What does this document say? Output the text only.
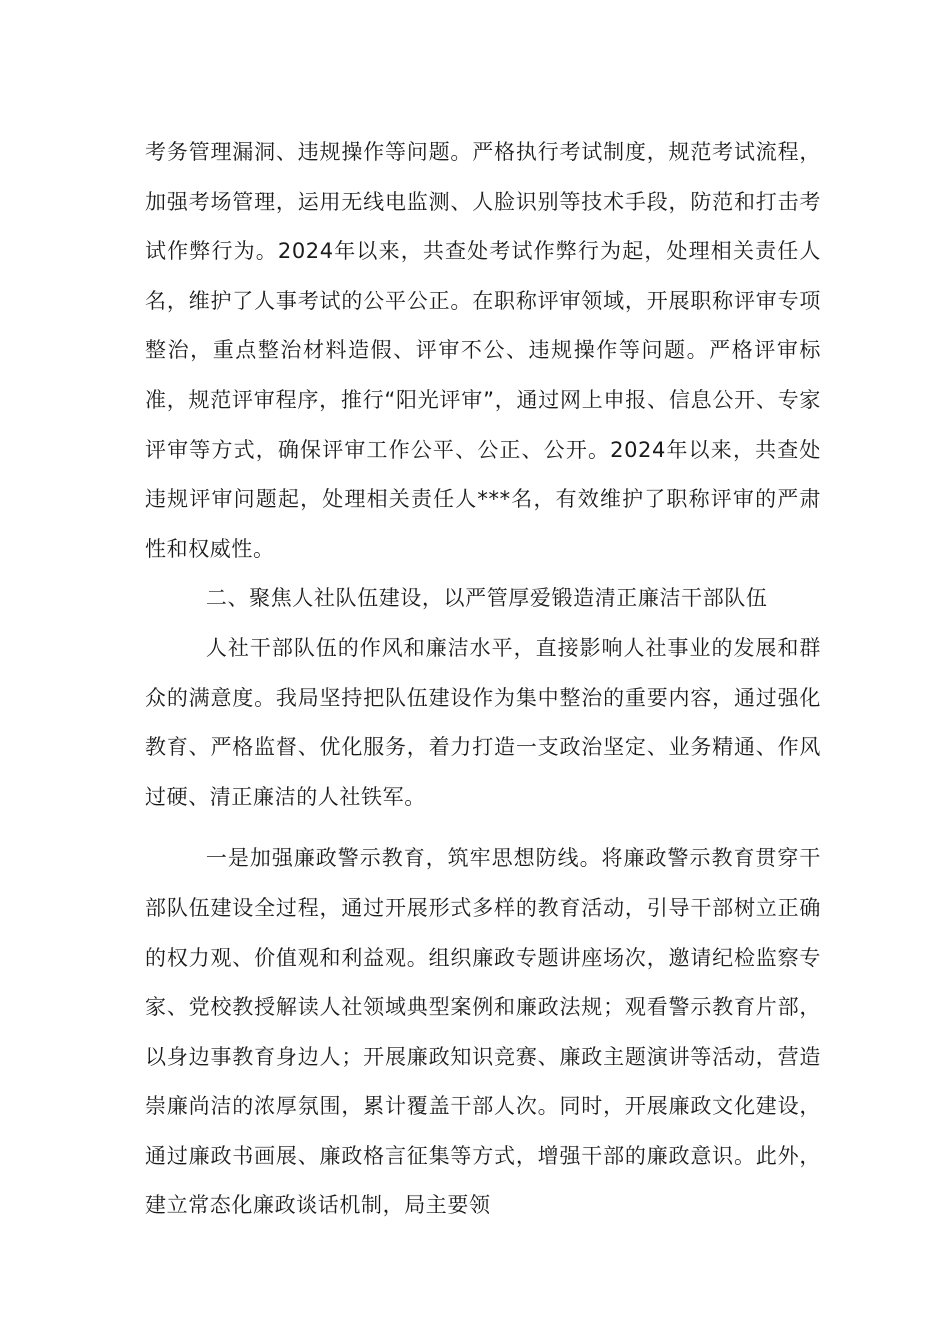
考务管理漏洞、违规操作等问题。严格执行考试制度，规范考试流程，加强考场管理，运用无线电监测、人脸识别等技术手段，防范和打击考试作弊行为。2024年以来，共查处考试作弊行为起，处理相关责任人名，维护了人事考试的公平公正。在职称评审领域，开展职称评审专项整治，重点整治材料造假、评审不公、违规操作等问题。严格评审标准，规范评审程序，推行“阳光评审”，通过网上申报、信息公开、专家评审等方式，确保评审工作公平、公正、公开。2024年以来，共查处违规评审问题起，处理相关责任人***名，有效维护了职称评审的严肃性和权威性。

二、聚焦人社队伍建设，以严管厚爱锻造清正廉洁干部队伍

人社干部队伍的作风和廉洁水平，直接影响人社事业的发展和群众的满意度。我局坚持把队伍建设作为集中整治的重要内容，通过强化教育、严格监督、优化服务，着力打造一支政治坚定、业务精通、作风过硬、清正廉洁的人社铁军。

一是加强廉政警示教育，筑牢思想防线。将廉政警示教育贯穿干部队伍建设全过程，通过开展形式多样的教育活动，引导干部树立正确的权力观、价值观和利益观。组织廉政专题讲座场次，邀请纪检监察专家、党校教授解读人社领域典型案例和廉政法规；观看警示教育片部，以身边事教育身边人；开展廉政知识竞赛、廉政主题演讲等活动，营造崇廉尚洁的浓厚氛围，累计覆盖干部人次。同时，开展廉政文化建设，通过廉政书画展、廉政格言征集等方式，增强干部的廉政意识。此外，建立常态化廉政谈话机制，局主要领
